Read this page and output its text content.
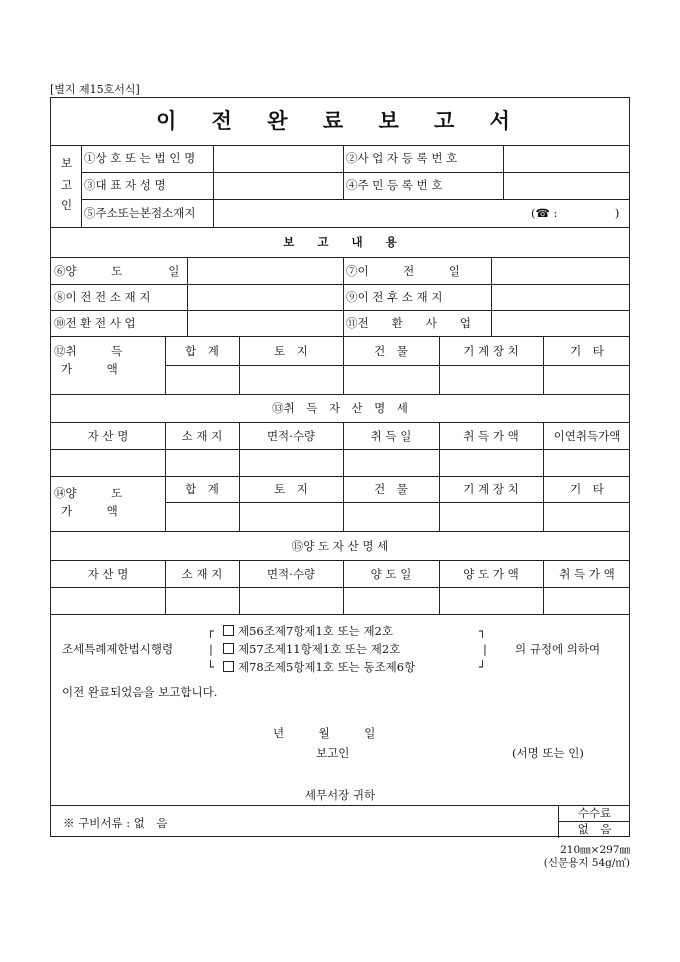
[별지 제15호서식]
이 전 완 료 보 고 서
보
고
인
①상 호 또 는 법 인 명	②사 업 자 등 록 번 호
③대 표 자 성 명	④주 민 등 록 번 호
⑤주소또는본점소재지	(☎ :　　　　　)
보　　고　　내　　용
⑥양　　　도　　　　일	⑦이　　　전　　　일
⑧이 전 전 소 재 지	⑨이 전 후 소 재 지
⑩전 환 전 사 업	⑪전　　환　　사　　업
⑫취　　　득
가　　　액
합　계	토　지	건　물	기 계 장 치	기　타
⑬취　득　자　산　명　세
자 산 명	소 재 지	면적·수량	취 득 일	취 득 가 액	이연취득가액
⑭양　　　도
가　　　액
합　계	토　지	건　물	기 계 장 치	기　타
⑮양 도 자 산 명 세
자 산 명	소 재 지	면적·수량	양 도 일	양 도 가 액	취 득 가 액
조세특례제한법시행령
┌
|
└
제56조제7항제1호 또는 제2호
제57조제11항제1호 또는 제2호
제78조제5항제1호 또는 동조제6항
┐
|
┘
의 규정에 의하여
이전 완료되었음을 보고합니다.
년　　　월　　　일
보고인	(서명 또는 인)
세무서장 귀하
※ 구비서류 : 없　음
수수료
없　음
210㎜×297㎜
(신문용지 54g/㎡)
